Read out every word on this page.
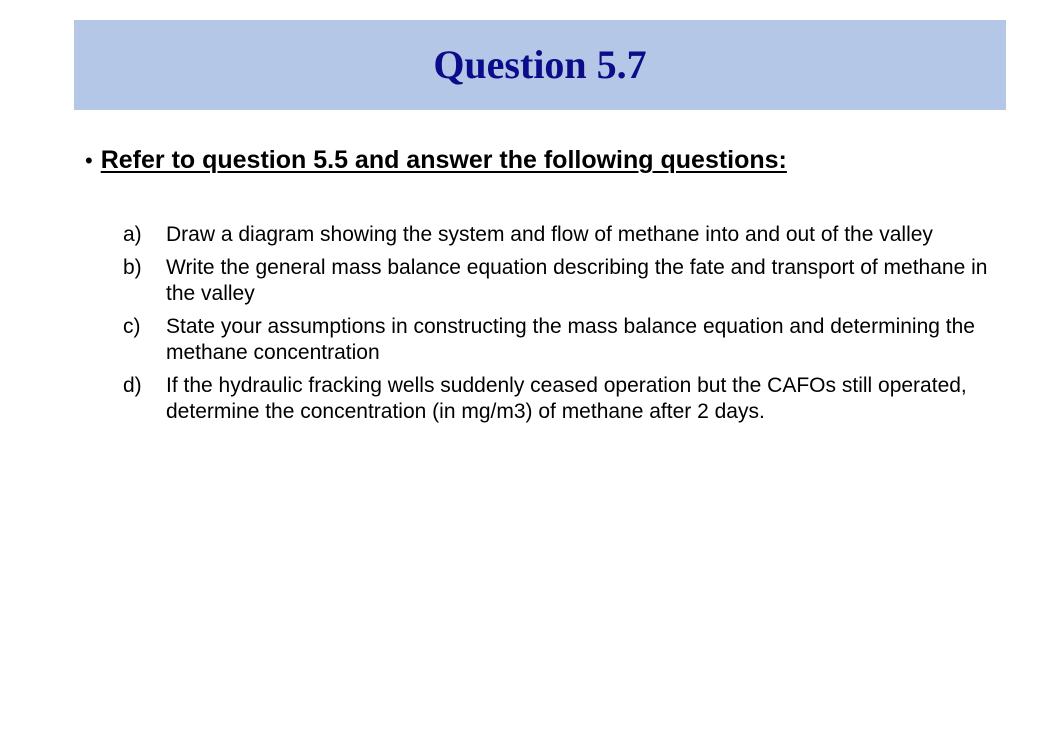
Question 5.7
• Refer to question 5.5 and answer the following questions:
a)	Draw a diagram showing the system and flow of methane into and out of the valley
b)	Write the general mass balance equation describing the fate and transport of methane in the valley
c)	State your assumptions in constructing the mass balance equation and determining the methane concentration
d)	If the hydraulic fracking wells suddenly ceased operation but the CAFOs still operated, determine the concentration (in mg/m3) of methane after 2 days.
